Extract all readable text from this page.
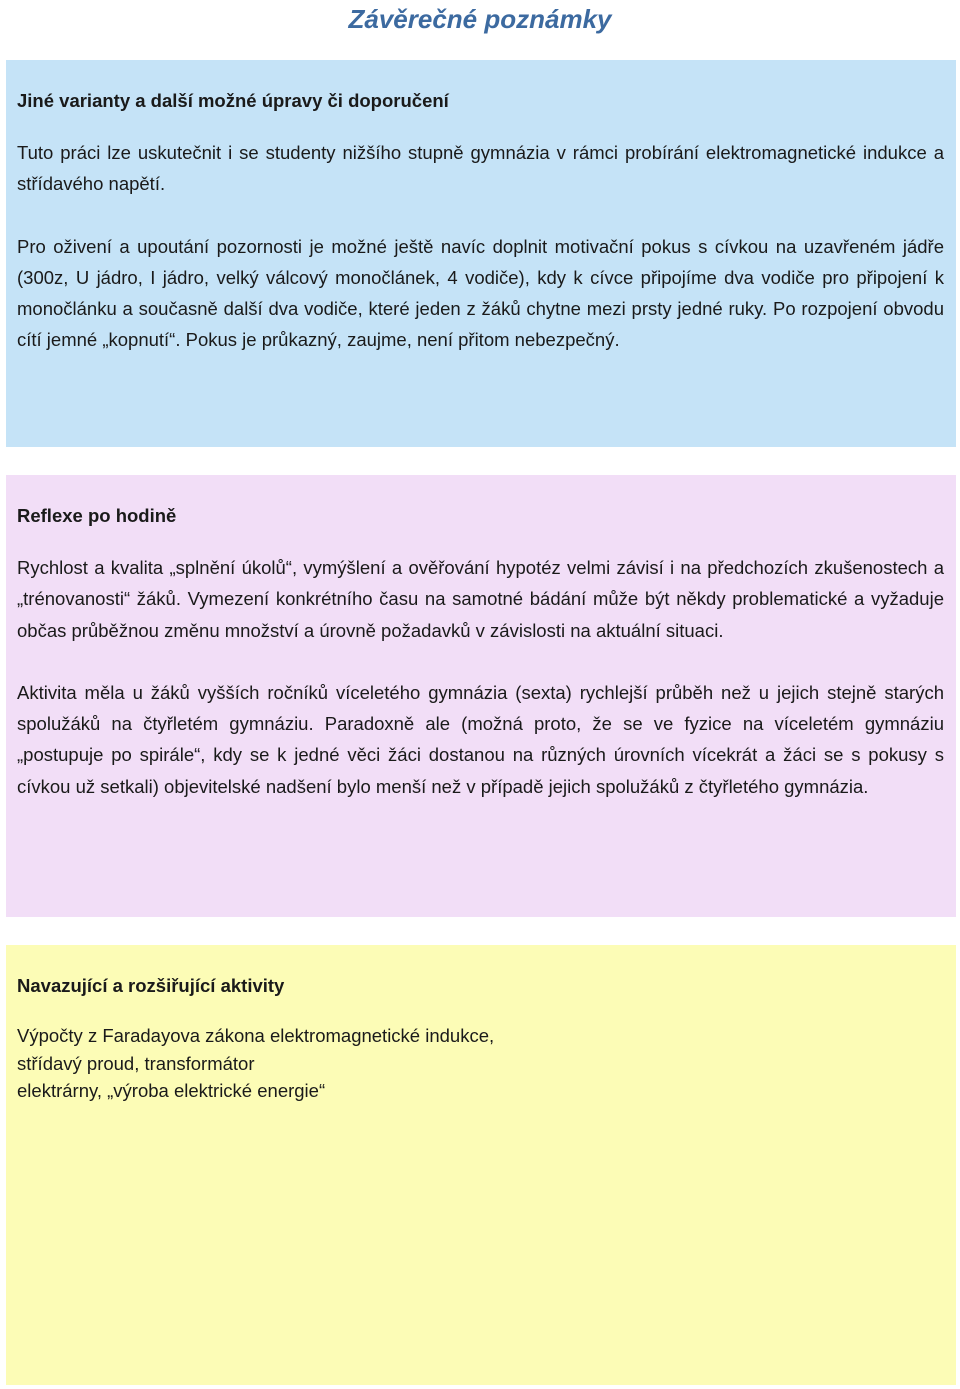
Závěrečné poznámky
Jiné varianty a další možné úpravy či doporučení

Tuto práci lze uskutečnit i se studenty nižšího stupně gymnázia v rámci probírání elektromagnetické indukce a střídavého napětí.

Pro oživení a upoutání pozornosti je možné ještě navíc doplnit motivační pokus s cívkou na uzavřeném jádře (300z, U jádro, I jádro, velký válcový monočlánek, 4 vodiče), kdy k cívce připojíme dva vodiče pro připojení k monočlánku a současně další dva vodiče, které jeden z žáků chytne mezi prsty jedné ruky. Po rozpojení obvodu cítí jemné „kopnutí“. Pokus je průkazný, zaujme, není přitom nebezpečný.

Reflexe po hodině

Rychlost a kvalita „splnění úkolů“, vymýšlení a ověřování hypotéz velmi závisí i na předchozích zkušenostech a „trénovanosti“ žáků. Vymezení konkrétního času na samotné bádání může být někdy problematické a vyžaduje občas průběžnou změnu množství a úrovně požadavků v závislosti na aktuální situaci.

Aktivita měla u žáků vyšších ročníků víceletého gymnázia (sexta) rychlejší průběh než u jejich stejně starých spolužáků na čtyřletém gymnáziu. Paradoxně ale (možná proto, že se ve fyzice na víceletém gymnáziu „postupuje po spirále“, kdy se k jedné věci žáci dostanou na různých úrovních vícekrát a žáci se s pokusy s cívkou už setkali) objevitelské nadšení bylo menší než v případě jejich spolužáků z čtyřletého gymnázia.

Navazující a rozšiřující aktivity
Výpočty z Faradayova zákona elektromagnetické indukce,
střídavý proud, transformátor
elektrárny, „výroba elektrické energie“
